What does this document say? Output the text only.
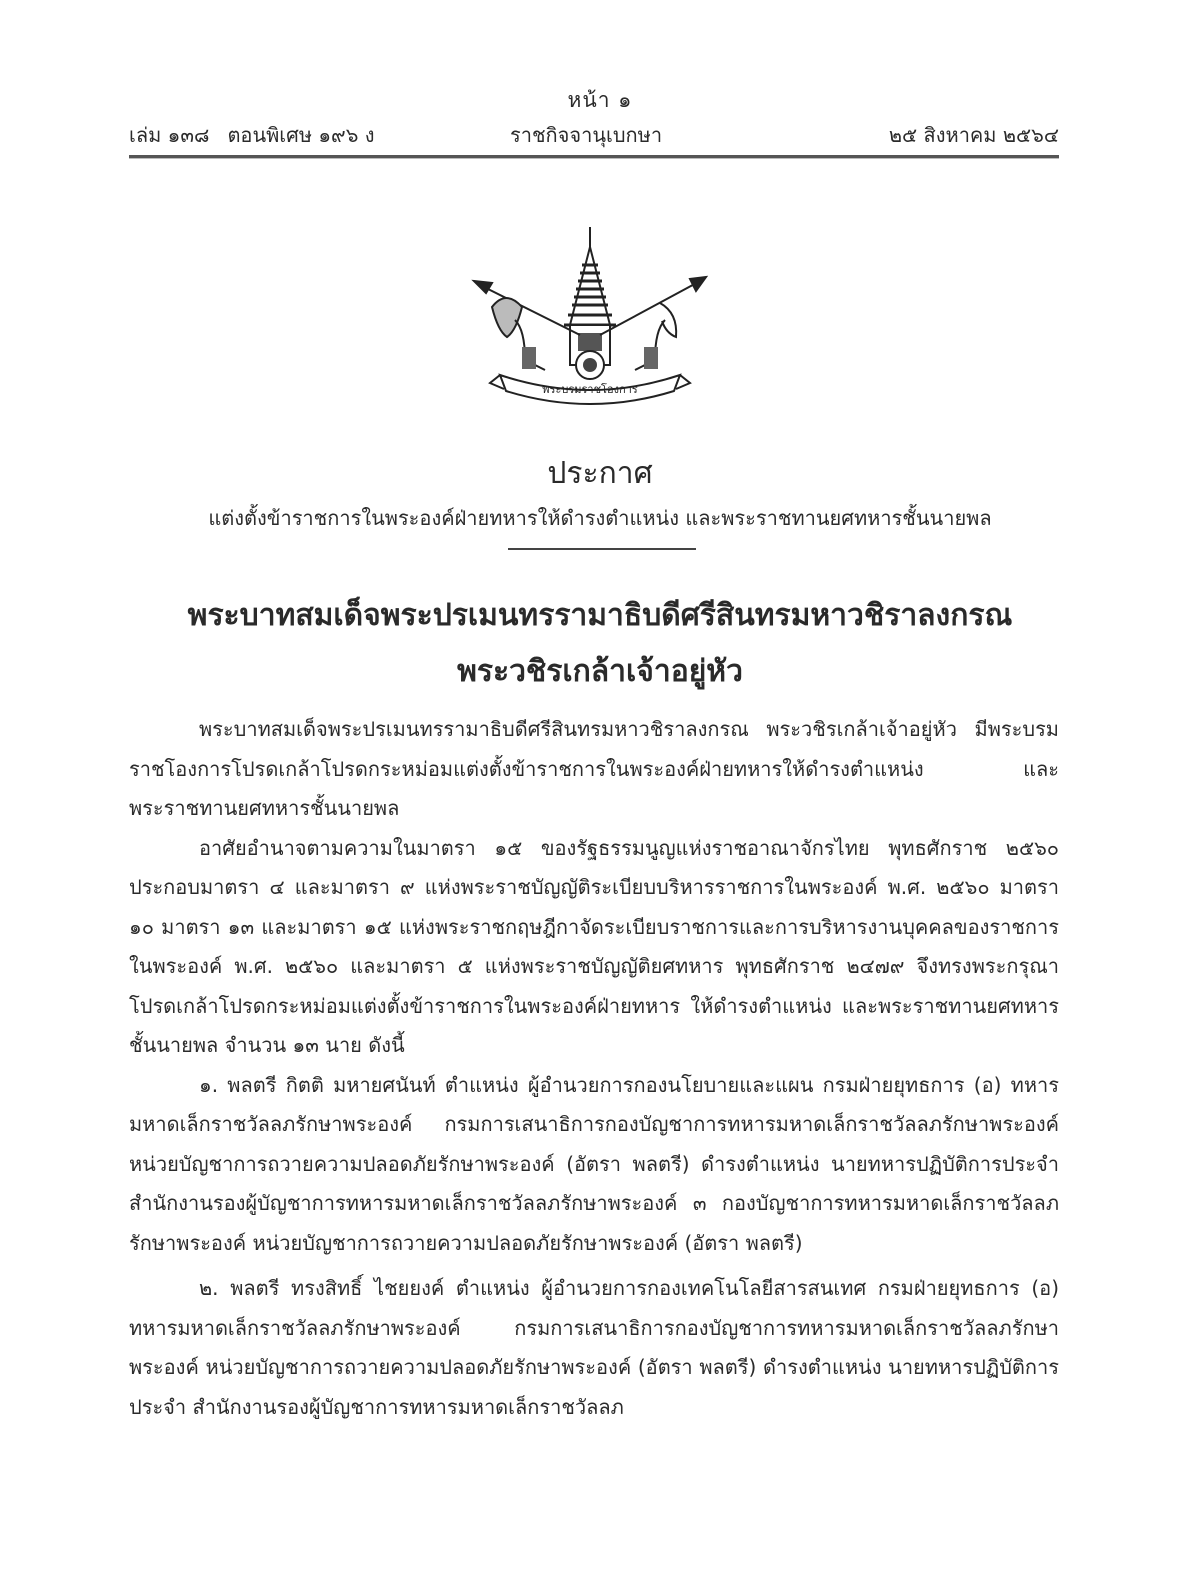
หน้า ๑
เล่ม ๑๓๘ ตอนพิเศษ ๑๙๖ ง	ราชกิจจานุเบกษา	๒๕ สิงหาคม ๒๕๖๔
พระบรมราชโองการ
ประกาศ
แต่งตั้งข้าราชการในพระองค์ฝ่ายทหารให้ดำรงตำแหน่ง และพระราชทานยศทหารชั้นนายพล
พระบาทสมเด็จพระปรเมนทรรามาธิบดีศรีสินทรมหาวชิราลงกรณ
พระวชิรเกล้าเจ้าอยู่หัว

พระบาทสมเด็จพระปรเมนทรรามาธิบดีศรีสินทรมหาวชิราลงกรณ พระวชิรเกล้าเจ้าอยู่หัว มีพระบรมราชโองการโปรดเกล้าโปรดกระหม่อมแต่งตั้งข้าราชการในพระองค์ฝ่ายทหารให้ดำรงตำแหน่ง และพระราชทานยศทหารชั้นนายพล

อาศัยอำนาจตามความในมาตรา ๑๕ ของรัฐธรรมนูญแห่งราชอาณาจักรไทย พุทธศักราช ๒๕๖๐ ประกอบมาตรา ๔ และมาตรา ๙ แห่งพระราชบัญญัติระเบียบบริหารราชการในพระองค์ พ.ศ. ๒๕๖๐ มาตรา ๑๐ มาตรา ๑๓ และมาตรา ๑๕ แห่งพระราชกฤษฎีกาจัดระเบียบราชการและการบริหารงานบุคคลของราชการในพระองค์ พ.ศ. ๒๕๖๐ และมาตรา ๕ แห่งพระราชบัญญัติยศทหาร พุทธศักราช ๒๔๗๙ จึงทรงพระกรุณาโปรดเกล้าโปรดกระหม่อมแต่งตั้งข้าราชการในพระองค์ฝ่ายทหาร ให้ดำรงตำแหน่ง และพระราชทานยศทหารชั้นนายพล จำนวน ๑๓ นาย ดังนี้

๑. พลตรี กิตติ มหายศนันท์ ตำแหน่ง ผู้อำนวยการกองนโยบายและแผน กรมฝ่ายยุทธการ (อ) ทหารมหาดเล็กราชวัลลภรักษาพระองค์ กรมการเสนาธิการกองบัญชาการทหารมหาดเล็กราชวัลลภรักษาพระองค์ หน่วยบัญชาการถวายความปลอดภัยรักษาพระองค์ (อัตรา พลตรี) ดำรงตำแหน่ง นายทหารปฏิบัติการประจำ สำนักงานรองผู้บัญชาการทหารมหาดเล็กราชวัลลภรักษาพระองค์ ๓ กองบัญชาการทหารมหาดเล็กราชวัลลภรักษาพระองค์ หน่วยบัญชาการถวายความปลอดภัยรักษาพระองค์ (อัตรา พลตรี)

๒. พลตรี ทรงสิทธิ์ ไชยยงค์ ตำแหน่ง ผู้อำนวยการกองเทคโนโลยีสารสนเทศ กรมฝ่ายยุทธการ (อ) ทหารมหาดเล็กราชวัลลภรักษาพระองค์ กรมการเสนาธิการกองบัญชาการทหารมหาดเล็กราชวัลลภรักษาพระองค์ หน่วยบัญชาการถวายความปลอดภัยรักษาพระองค์ (อัตรา พลตรี) ดำรงตำแหน่ง นายทหารปฏิบัติการประจำ สำนักงานรองผู้บัญชาการทหารมหาดเล็กราชวัลลภ
